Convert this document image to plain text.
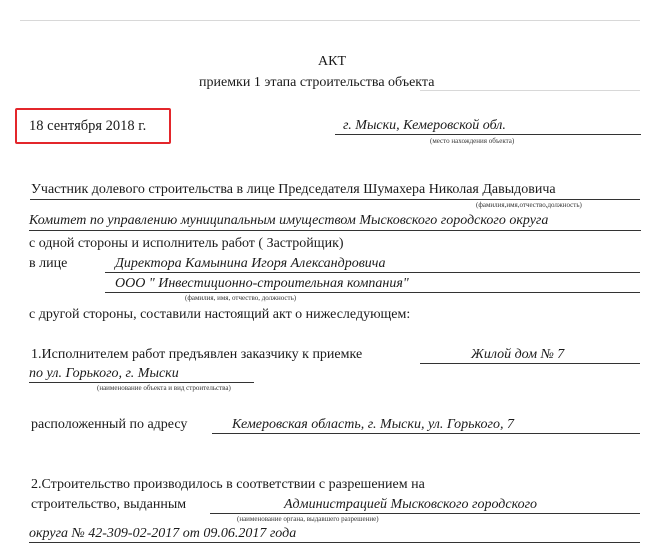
АКТ
приемки 1 этапа строительства объекта
18 сентября 2018 г.	г. Мыски, Кемеровской обл.
(место нахождения объекта)
Участник долевого строительства в лице Председателя Шумахера Николая Давыдовича
(фамилия,имя,отчество,должность)
Комитет по управлению муниципальным имуществом Мысковского городского округа
с одной стороны и исполнитель работ ( Застройщик)
в лице	Директора Камынина Игоря Александровича
ООО " Инвестиционно-строительная компания"
(фамилия, имя, отчество, должность)
с другой стороны, составили настоящий акт о нижеследующем:
1.Исполнителем работ предъявлен заказчику к приемке	Жилой дом № 7
по ул. Горького, г. Мыски
(наименование объекта и вид строительства)
расположенный по адресу	Кемеровская область, г. Мыски, ул. Горького, 7
2.Строительство производилось в соответствии с разрешением на
строительство, выданным	Администрацией Мысковского городского
(наименование органа, выдавшего разрешение)
округа № 42-309-02-2017 от 09.06.2017 года
